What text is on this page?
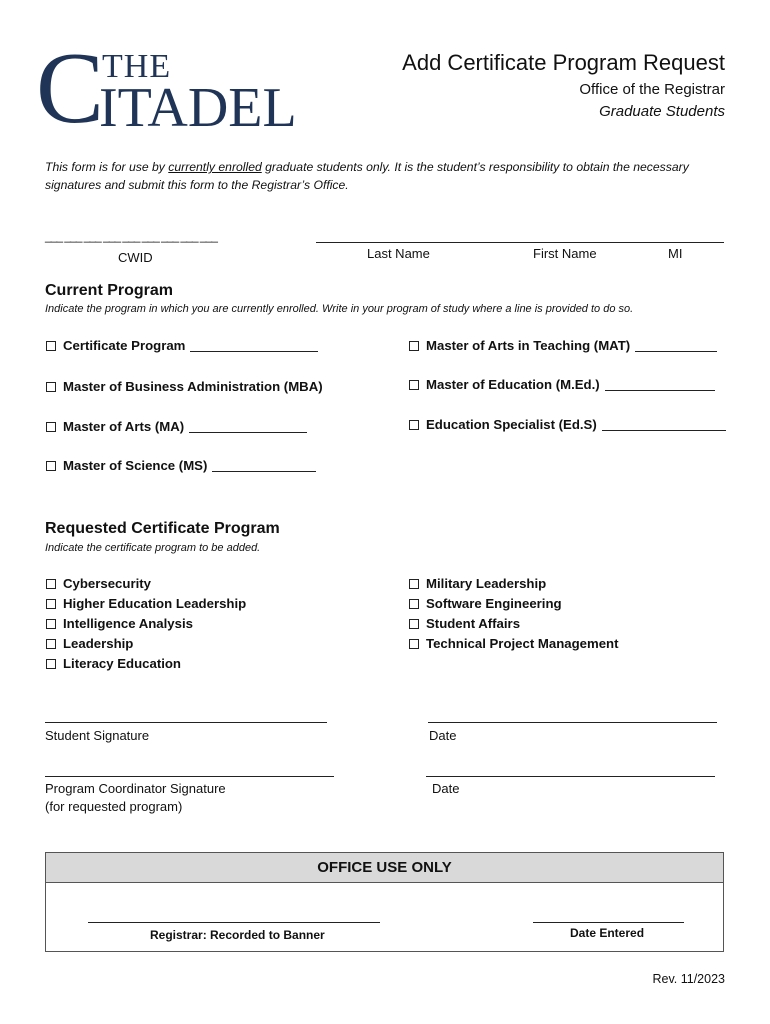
C THE
ITADEL
Add Certificate Program Request
Office of the Registrar
Graduate Students
This form is for use by currently enrolled graduate students only. It is the student’s responsibility to obtain the necessary signatures and submit this form to the Registrar’s Office.
___ ___ ___ ___ ___ ___ ___ ___ ___
CWID	Last Name	First Name	MI
Current Program
Indicate the program in which you are currently enrolled. Write in your program of study where a line is provided to do so.
Certificate Program
Master of Business Administration (MBA)
Master of Arts (MA)
Master of Science (MS)
Master of Arts in Teaching (MAT)
Master of Education (M.Ed.)
Education Specialist (Ed.S)
Requested Certificate Program
Indicate the certificate program to be added.
Cybersecurity
Higher Education Leadership
Intelligence Analysis
Leadership
Literacy Education
Military Leadership
Software Engineering
Student Affairs
Technical Project Management
Student Signature	Date
Program Coordinator Signature
(for requested program)
Date
OFFICE USE ONLY
Registrar: Recorded to Banner	Date Entered
Rev. 11/2023
